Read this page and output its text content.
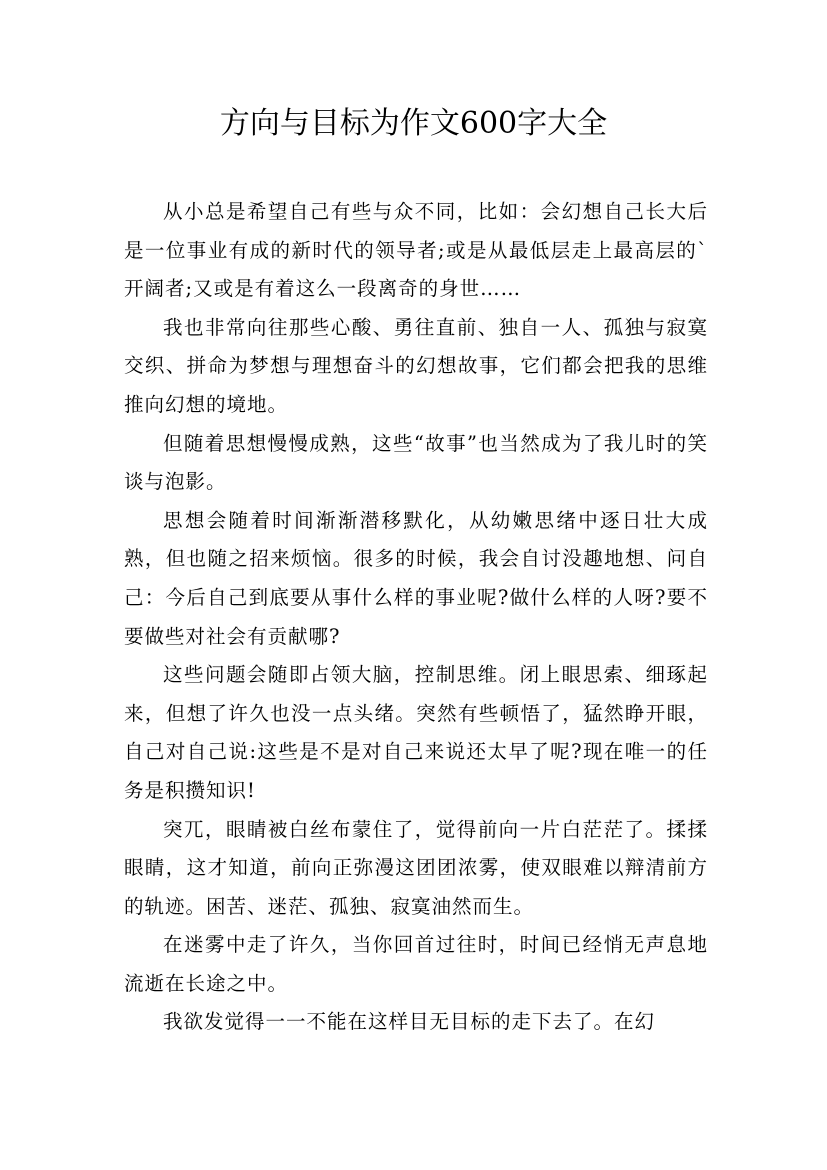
方向与目标为作文600字大全

从小总是希望自己有些与众不同，比如：会幻想自己长大后是一位事业有成的新时代的领导者;或是从最低层走上最高层的`开阔者;又或是有着这么一段离奇的身世……

我也非常向往那些心酸、勇往直前、独自一人、孤独与寂寞交织、拼命为梦想与理想奋斗的幻想故事，它们都会把我的思维推向幻想的境地。

但随着思想慢慢成熟，这些“故事”也当然成为了我儿时的笑谈与泡影。

思想会随着时间渐渐潜移默化，从幼嫩思绪中逐日壮大成熟，但也随之招来烦恼。很多的时候，我会自讨没趣地想、问自己：今后自己到底要从事什么样的事业呢?做什么样的人呀?要不要做些对社会有贡献哪?

这些问题会随即占领大脑，控制思维。闭上眼思索、细琢起来，但想了许久也没一点头绪。突然有些顿悟了，猛然睁开眼，自己对自己说:这些是不是对自己来说还太早了呢?现在唯一的任务是积攒知识!

突兀，眼睛被白丝布蒙住了，觉得前向一片白茫茫了。揉揉眼睛，这才知道，前向正弥漫这团团浓雾，使双眼难以辩清前方的轨迹。困苦、迷茫、孤独、寂寞油然而生。

在迷雾中走了许久，当你回首过往时，时间已经悄无声息地流逝在长途之中。

我欲发觉得一一不能在这样目无目标的走下去了。在幻
